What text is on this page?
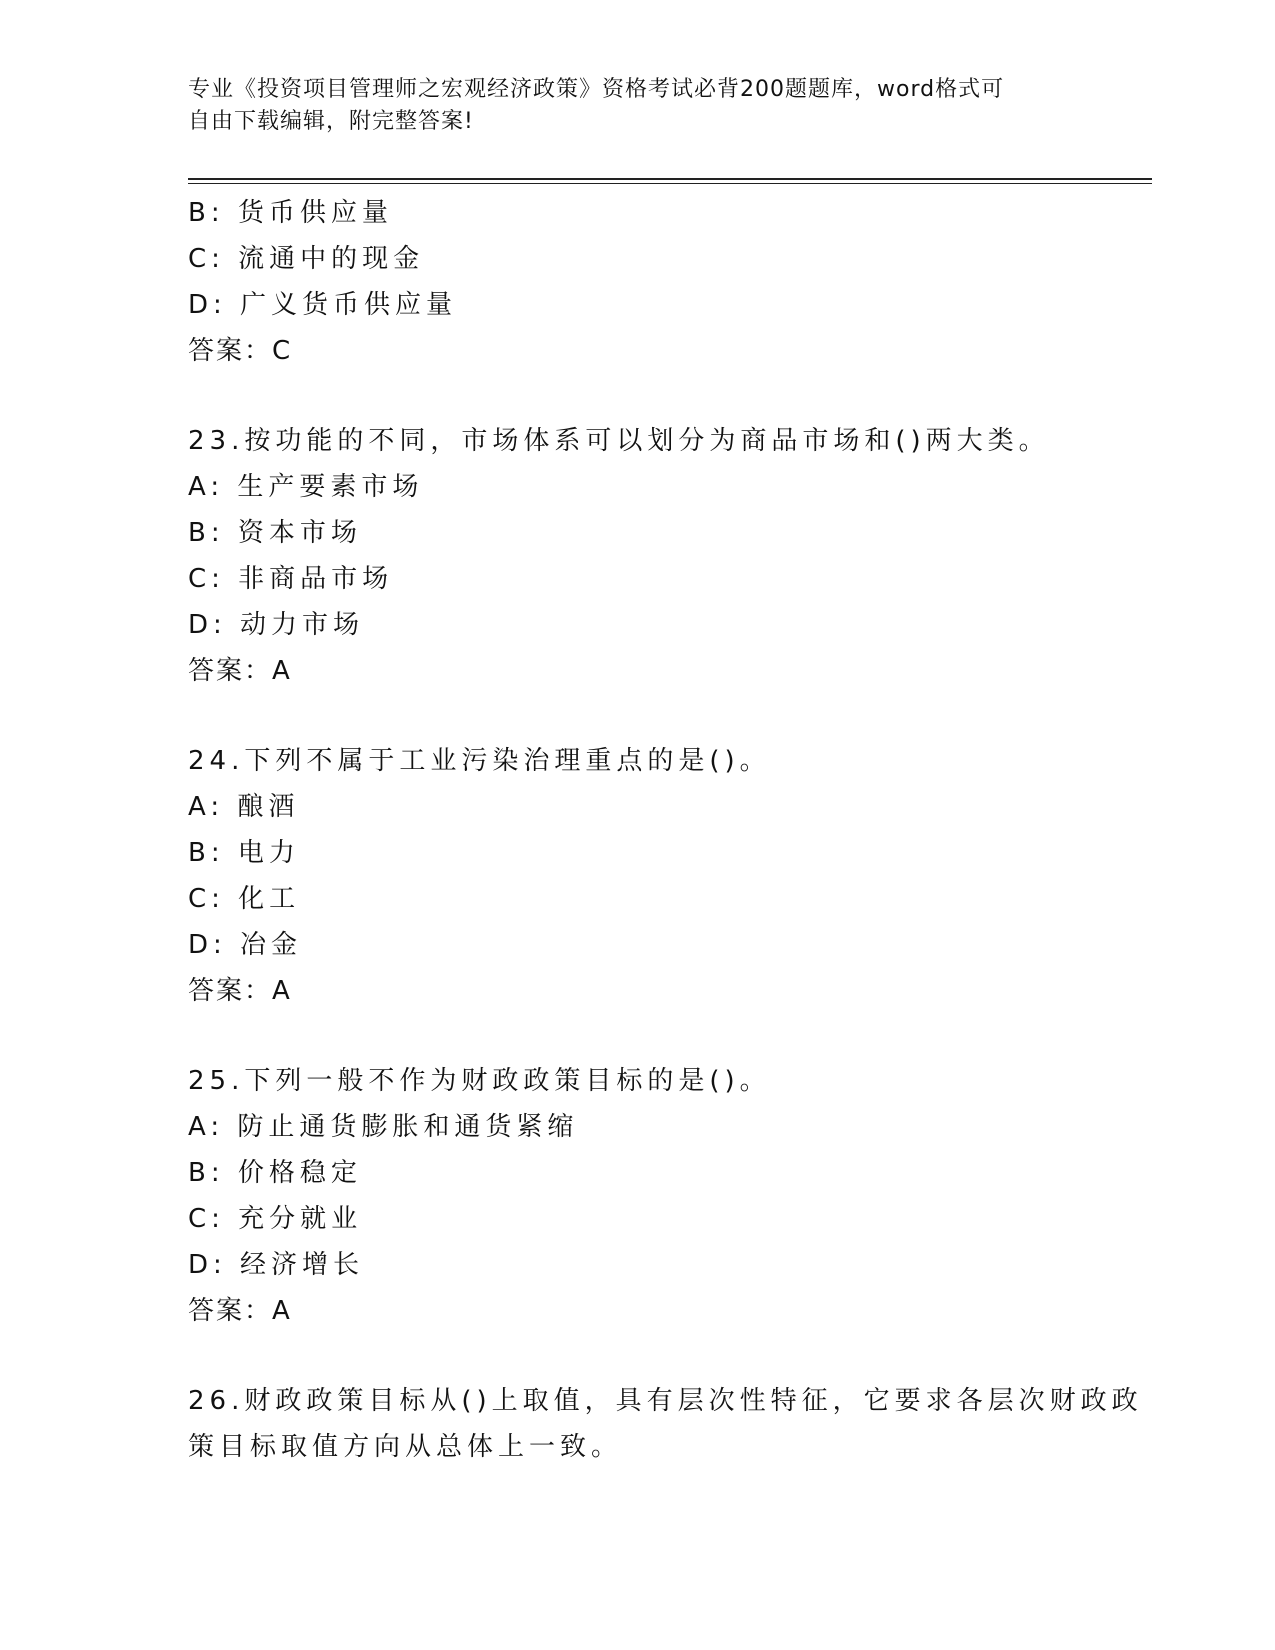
专业《投资项目管理师之宏观经济政策》资格考试必背200题题库，word格式可
自由下载编辑，附完整答案!
B: 货币供应量
C: 流通中的现金
D: 广义货币供应量
答案：C
23.按功能的不同，市场体系可以划分为商品市场和()两大类。
A: 生产要素市场
B: 资本市场
C: 非商品市场
D: 动力市场
答案：A
24.下列不属于工业污染治理重点的是()。
A: 酿酒
B: 电力
C: 化工
D: 冶金
答案：A
25.下列一般不作为财政政策目标的是()。
A: 防止通货膨胀和通货紧缩
B: 价格稳定
C: 充分就业
D: 经济增长
答案：A
26.财政政策目标从()上取值，具有层次性特征，它要求各层次财政政
策目标取值方向从总体上一致。
